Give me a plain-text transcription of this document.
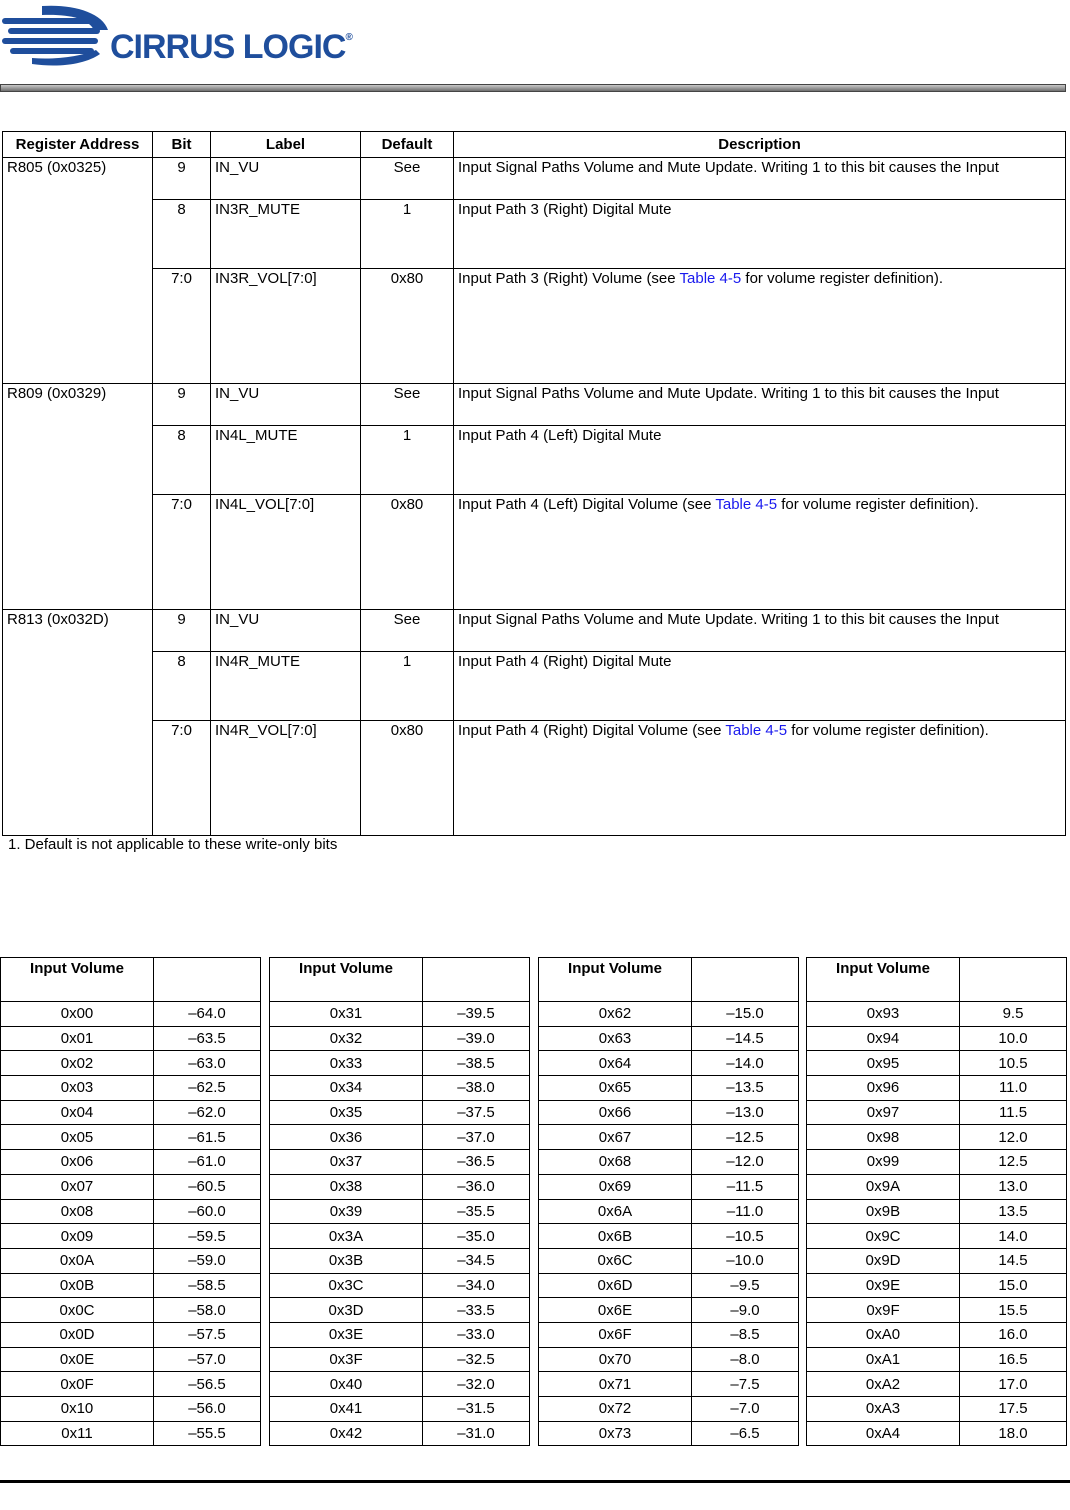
CIRRUS LOGIC®
Register Address	Bit	Label	Default	Description
R805 (0x0325)	9	IN_VU	See	Input Signal Paths Volume and Mute Update. Writing 1 to this bit causes the Input
	8	IN3R_MUTE	1	Input Path 3 (Right) Digital Mute
	7:0	IN3R_VOL[7:0]	0x80	Input Path 3 (Right) Volume (see Table 4-5 for volume register definition).
R809 (0x0329)	9	IN_VU	See	Input Signal Paths Volume and Mute Update. Writing 1 to this bit causes the Input
	8	IN4L_MUTE	1	Input Path 4 (Left) Digital Mute
	7:0	IN4L_VOL[7:0]	0x80	Input Path 4 (Left) Digital Volume (see Table 4-5 for volume register definition).
R813 (0x032D)	9	IN_VU	See	Input Signal Paths Volume and Mute Update. Writing 1 to this bit causes the Input
	8	IN4R_MUTE	1	Input Path 4 (Right) Digital Mute
	7:0	IN4R_VOL[7:0]	0x80	Input Path 4 (Right) Digital Volume (see Table 4-5 for volume register definition).
1. Default is not applicable to these write-only bits
Input Volume	
0x00	–64.0
0x01	–63.5
0x02	–63.0
0x03	–62.5
0x04	–62.0
0x05	–61.5
0x06	–61.0
0x07	–60.5
0x08	–60.0
0x09	–59.5
0x0A	–59.0
0x0B	–58.5
0x0C	–58.0
0x0D	–57.5
0x0E	–57.0
0x0F	–56.5
0x10	–56.0
0x11	–55.5
Input Volume	
0x31	–39.5
0x32	–39.0
0x33	–38.5
0x34	–38.0
0x35	–37.5
0x36	–37.0
0x37	–36.5
0x38	–36.0
0x39	–35.5
0x3A	–35.0
0x3B	–34.5
0x3C	–34.0
0x3D	–33.5
0x3E	–33.0
0x3F	–32.5
0x40	–32.0
0x41	–31.5
0x42	–31.0
Input Volume	
0x62	–15.0
0x63	–14.5
0x64	–14.0
0x65	–13.5
0x66	–13.0
0x67	–12.5
0x68	–12.0
0x69	–11.5
0x6A	–11.0
0x6B	–10.5
0x6C	–10.0
0x6D	–9.5
0x6E	–9.0
0x6F	–8.5
0x70	–8.0
0x71	–7.5
0x72	–7.0
0x73	–6.5
Input Volume	
0x93	9.5
0x94	10.0
0x95	10.5
0x96	11.0
0x97	11.5
0x98	12.0
0x99	12.5
0x9A	13.0
0x9B	13.5
0x9C	14.0
0x9D	14.5
0x9E	15.0
0x9F	15.5
0xA0	16.0
0xA1	16.5
0xA2	17.0
0xA3	17.5
0xA4	18.0
